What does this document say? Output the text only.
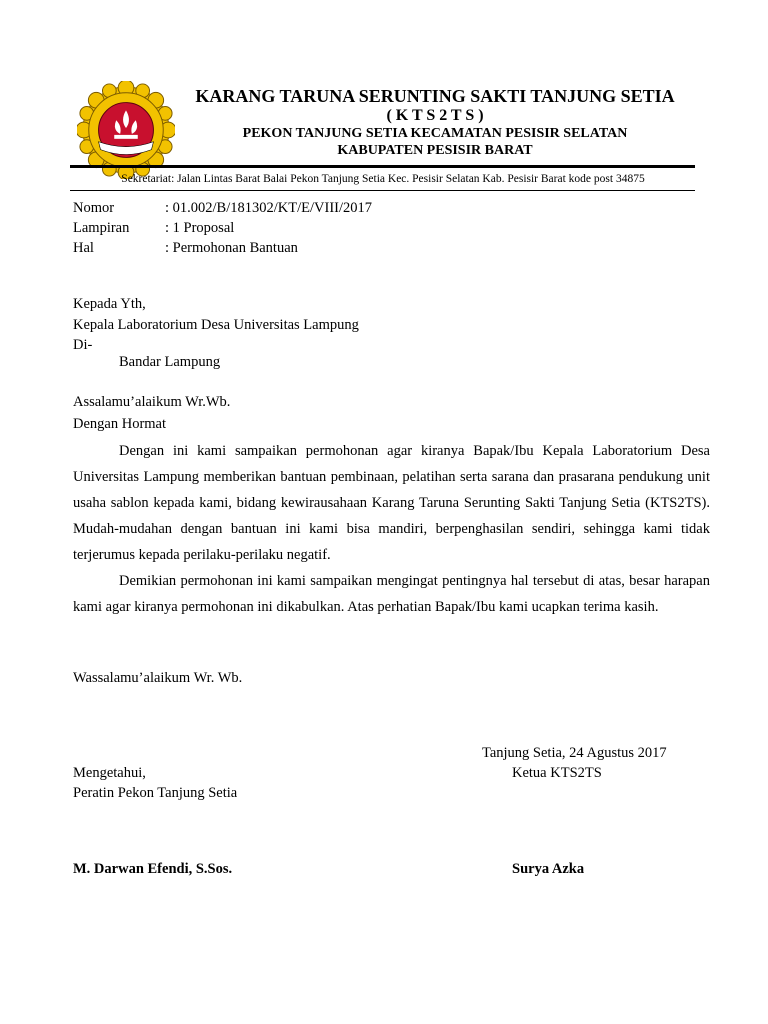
KARANG TARUNA SERUNTING SAKTI TANJUNG SETIA
( K T S 2 T S )
PEKON TANJUNG SETIA KECAMATAN PESISIR SELATAN
KABUPATEN PESISIR BARAT
Sekretariat: Jalan Lintas Barat Balai Pekon Tanjung Setia Kec. Pesisir Selatan Kab. Pesisir Barat kode post 34875
Nomor	: 01.002/B/181302/KT/E/VIII/2017
Lampiran : 1 Proposal
Hal	: Permohonan Bantuan
Kepada Yth,
Kepala Laboratorium Desa Universitas Lampung
Di-
Bandar Lampung
Assalamu’alaikum Wr.Wb.
Dengan Hormat
Dengan ini kami sampaikan permohonan agar kiranya Bapak/Ibu Kepala Laboratorium Desa Universitas Lampung memberikan bantuan pembinaan, pelatihan serta sarana dan prasarana pendukung unit usaha sablon kepada kami, bidang kewirausahaan Karang Taruna Serunting Sakti Tanjung Setia (KTS2TS). Mudah-mudahan dengan bantuan ini kami bisa mandiri, berpenghasilan sendiri, sehingga kami tidak terjerumus kepada perilaku-perilaku negatif.
Demikian permohonan ini kami sampaikan mengingat pentingnya hal tersebut di atas, besar harapan kami agar kiranya permohonan ini dikabulkan. Atas perhatian Bapak/Ibu kami ucapkan terima kasih.
Wassalamu’alaikum Wr. Wb.
Tanjung Setia, 24 Agustus 2017
Mengetahui,	Ketua KTS2TS
Peratin Pekon Tanjung Setia
M. Darwan Efendi, S.Sos.	Surya Azka
